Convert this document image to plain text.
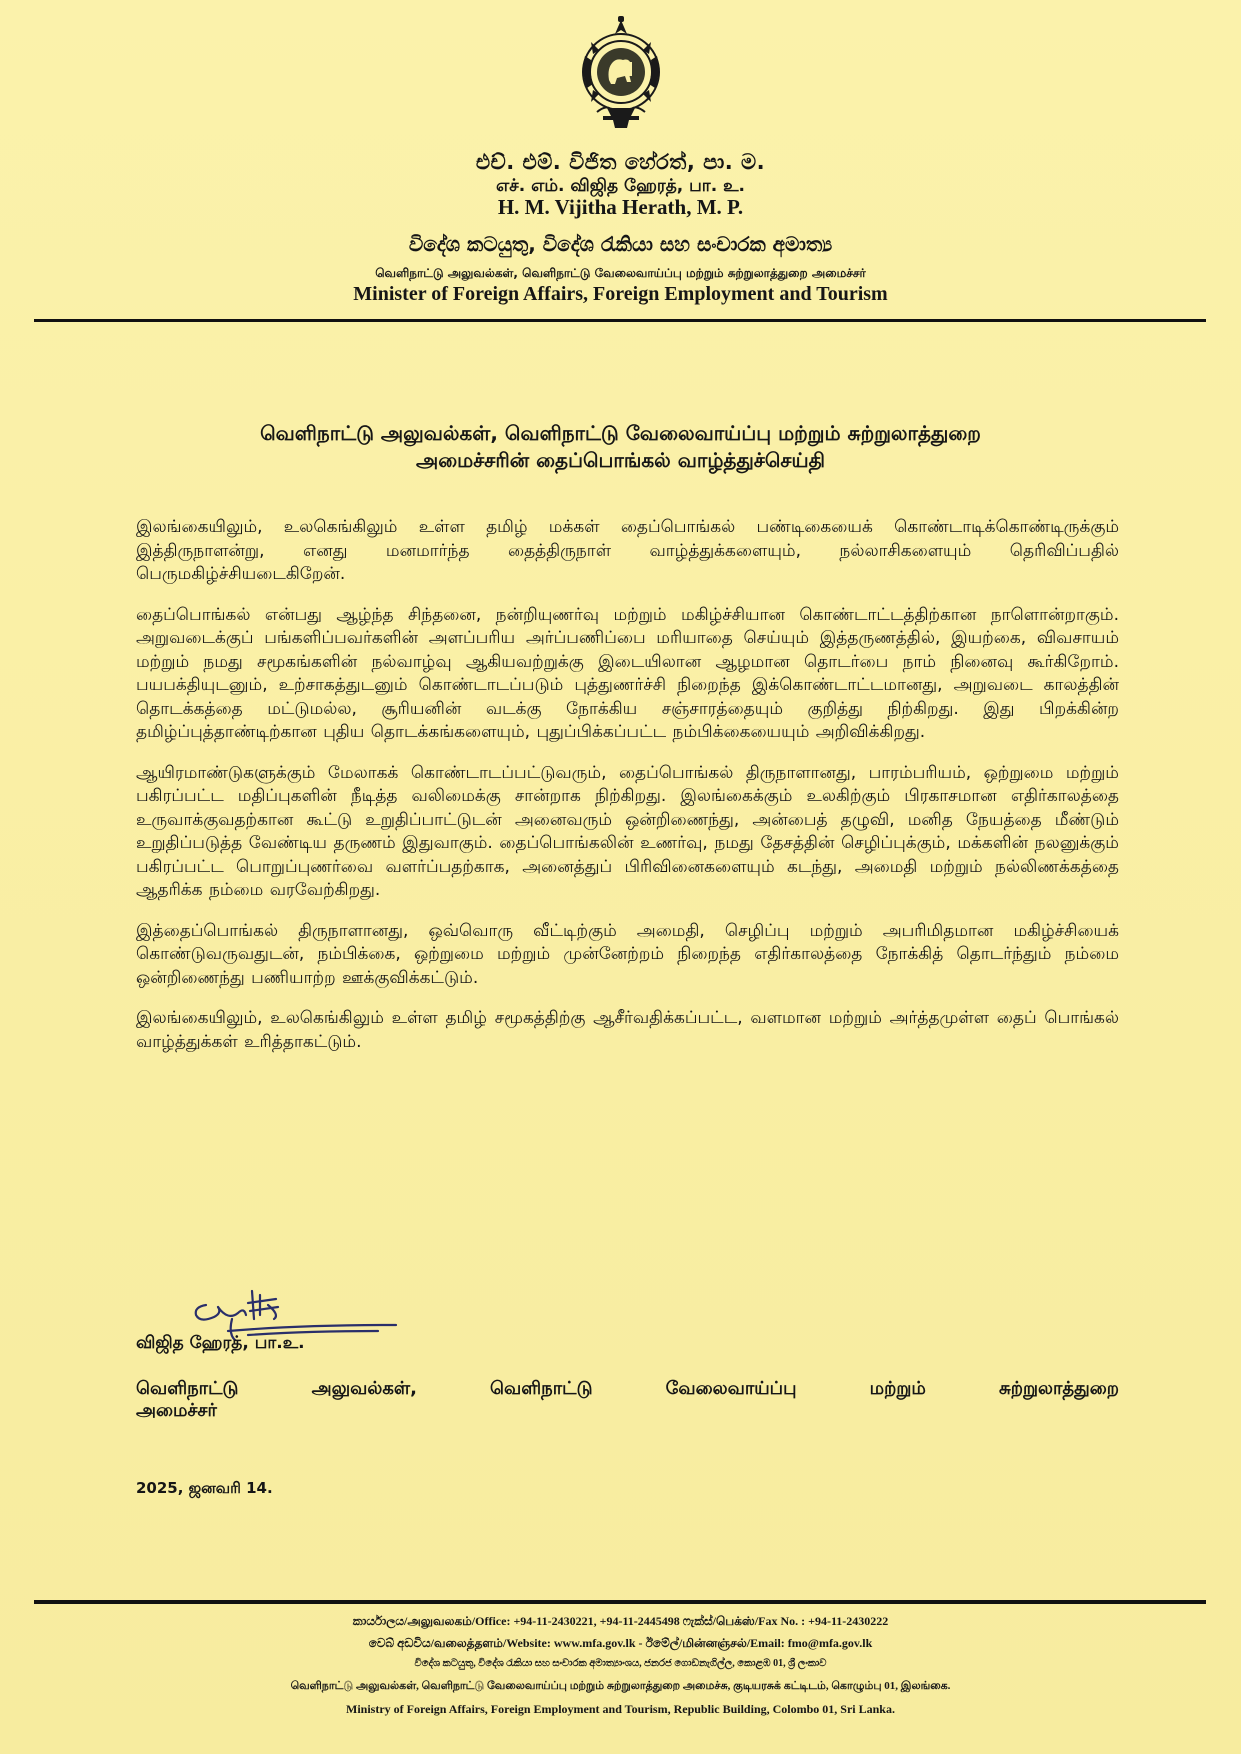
එච්. එම්. විජිත හේරත්, පා. ම.
எச். எம். விஜித ஹேரத், பா. உ.
H. M. Vijitha Herath, M. P.
විදේශ කටයුතු, විදේශ රැකියා සහ සංචාරක අමාත්‍ය
வெளிநாட்டு அலுவல்கள், வெளிநாட்டு வேலைவாய்ப்பு மற்றும் சுற்றுலாத்துறை அமைச்சர்
Minister of Foreign Affairs, Foreign Employment and Tourism
வெளிநாட்டு அலுவல்கள், வெளிநாட்டு வேலைவாய்ப்பு மற்றும் சுற்றுலாத்துறை
அமைச்சரின் தைப்பொங்கல் வாழ்த்துச்செய்தி

இலங்கையிலும், உலகெங்கிலும் உள்ள தமிழ் மக்கள் தைப்பொங்கல் பண்டிகையைக் கொண்டாடிக்கொண்டிருக்கும் இத்திருநாளன்று, எனது மனமார்ந்த தைத்திருநாள் வாழ்த்துக்களையும், நல்லாசிகளையும் தெரிவிப்பதில் பெருமகிழ்ச்சியடைகிறேன்.

தைப்பொங்கல் என்பது ஆழ்ந்த சிந்தனை, நன்றியுணர்வு மற்றும் மகிழ்ச்சியான கொண்டாட்டத்திற்கான நாளொன்றாகும். அறுவடைக்குப் பங்களிப்பவர்களின் அளப்பரிய அர்ப்பணிப்பை மரியாதை செய்யும் இத்தருணத்தில், இயற்கை, விவசாயம் மற்றும் நமது சமூகங்களின் நல்வாழ்வு ஆகியவற்றுக்கு இடையிலான ஆழமான தொடர்பை நாம் நினைவு கூர்கிறோம். பயபக்தியுடனும், உற்சாகத்துடனும் கொண்டாடப்படும் புத்துணர்ச்சி நிறைந்த இக்கொண்டாட்டமானது, அறுவடை காலத்தின் தொடக்கத்தை மட்டுமல்ல, சூரியனின் வடக்கு நோக்கிய சஞ்சாரத்தையும் குறித்து நிற்கிறது. இது பிறக்கின்ற தமிழ்ப்புத்தாண்டிற்கான புதிய தொடக்கங்களையும், புதுப்பிக்கப்பட்ட நம்பிக்கையையும் அறிவிக்கிறது.

ஆயிரமாண்டுகளுக்கும் மேலாகக் கொண்டாடப்பட்டுவரும், தைப்பொங்கல் திருநாளானது, பாரம்பரியம், ஒற்றுமை மற்றும் பகிரப்பட்ட மதிப்புகளின் நீடித்த வலிமைக்கு சான்றாக நிற்கிறது. இலங்கைக்கும் உலகிற்கும் பிரகாசமான எதிர்காலத்தை உருவாக்குவதற்கான கூட்டு உறுதிப்பாட்டுடன் அனைவரும் ஒன்றிணைந்து, அன்பைத் தழுவி, மனித நேயத்தை மீண்டும் உறுதிப்படுத்த வேண்டிய தருணம் இதுவாகும். தைப்பொங்கலின் உணர்வு, நமது தேசத்தின் செழிப்புக்கும், மக்களின் நலனுக்கும் பகிரப்பட்ட பொறுப்புணர்வை வளர்ப்பதற்காக, அனைத்துப் பிரிவினைகளையும் கடந்து, அமைதி மற்றும் நல்லிணக்கத்தை ஆதரிக்க நம்மை வரவேற்கிறது.

இத்தைப்பொங்கல் திருநாளானது, ஒவ்வொரு வீட்டிற்கும் அமைதி, செழிப்பு மற்றும் அபரிமிதமான மகிழ்ச்சியைக் கொண்டுவருவதுடன், நம்பிக்கை, ஒற்றுமை மற்றும் முன்னேற்றம் நிறைந்த எதிர்காலத்தை நோக்கித் தொடர்ந்தும் நம்மை ஒன்றிணைந்து பணியாற்ற ஊக்குவிக்கட்டும்.

இலங்கையிலும், உலகெங்கிலும் உள்ள தமிழ் சமூகத்திற்கு ஆசீர்வதிக்கப்பட்ட, வளமான மற்றும் அர்த்தமுள்ள தைப் பொங்கல் வாழ்த்துக்கள் உரித்தாகட்டும்.

விஜித ஹேரத், பா.உ.
வெளிநாட்டு அலுவல்கள், வெளிநாட்டு வேலைவாய்ப்பு மற்றும் சுற்றுலாத்துறை
அமைச்சர்
2025, ஜனவரி 14.
කාර්යාලය/அலுவலகம்/Office: +94-11-2430221, +94-11-2445498 ෆැක්ස්/பெக்ஸ்/Fax No. : +94-11-2430222
වෙබ් අඩවිය/வலைத்தளம்/Website: www.mfa.gov.lk - ඊමේල්/மின்னஞ்சல்/Email: fmo@mfa.gov.lk
විදේශ කටයුතු, විදේශ රැකියා සහ සංචාරක අමාත්‍යාංශය, ජනරජ ගොඩනැගිල්ල, කොළඹ 01, ශ්‍රී ලංකාව
வெளிநாட்டு அலுவல்கள், வெளிநாட்டு வேலைவாய்ப்பு மற்றும் சுற்றுலாத்துறை அமைச்சு, குடியரசுக் கட்டிடம், கொழும்பு 01, இலங்கை.
Ministry of Foreign Affairs, Foreign Employment and Tourism, Republic Building, Colombo 01, Sri Lanka.
